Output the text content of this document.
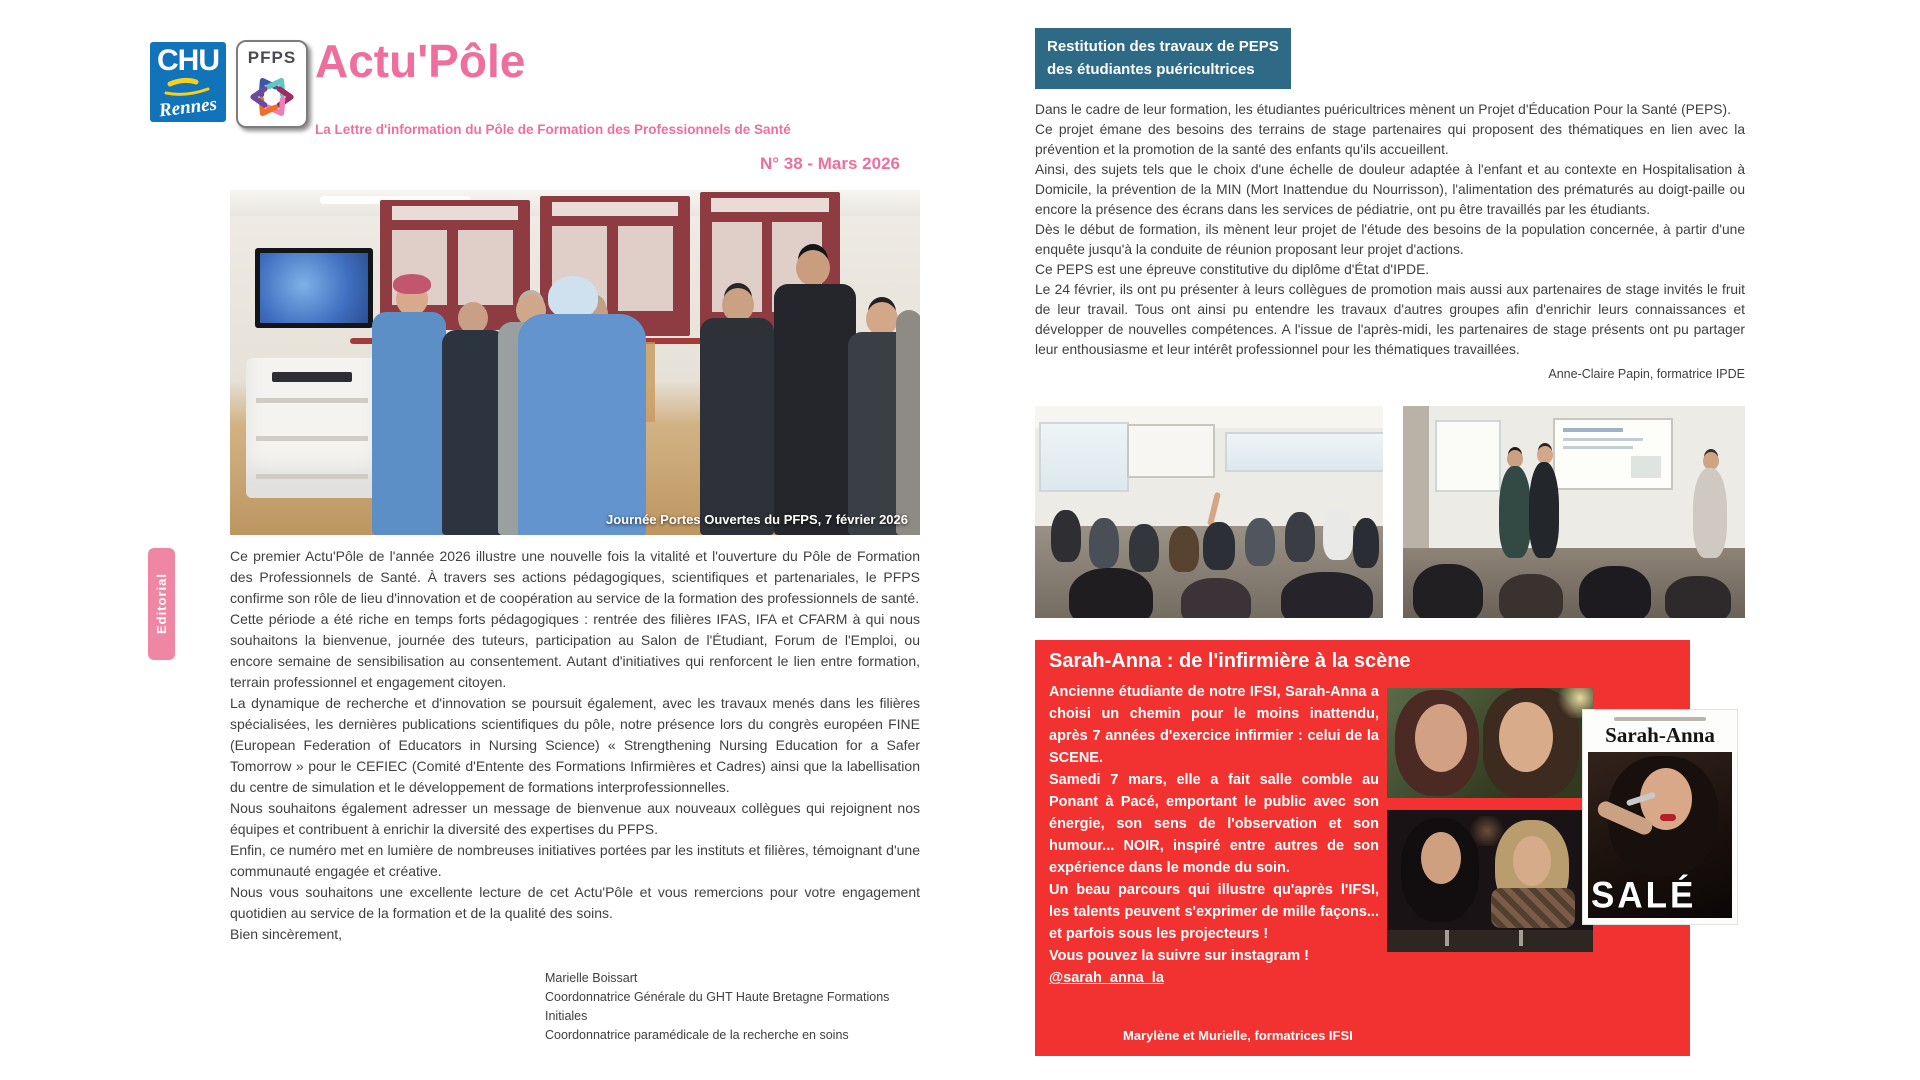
CHU
Rennes
PFPS Actu'Pôle
La Lettre d'information du Pôle de Formation des Professionnels de Santé
N° 38 - Mars 2026
Journée Portes Ouvertes du PFPS, 7 février 2026
Editorial

Ce premier Actu'Pôle de l'année 2026 illustre une nouvelle fois la vitalité et l'ouverture du Pôle de Formation des Professionnels de Santé. À travers ses actions pédagogiques, scientifiques et partenariales, le PFPS confirme son rôle de lieu d'innovation et de coopération au service de la formation des professionnels de santé.

Cette période a été riche en temps forts pédagogiques : rentrée des filières IFAS, IFA et CFARM à qui nous souhaitons la bienvenue, journée des tuteurs, participation au Salon de l'Étudiant, Forum de l'Emploi, ou encore semaine de sensibilisation au consentement. Autant d'initiatives qui renforcent le lien entre formation, terrain professionnel et engagement citoyen.

La dynamique de recherche et d'innovation se poursuit également, avec les travaux menés dans les filières spécialisées, les dernières publications scientifiques du pôle, notre présence lors du congrès européen FINE (European Federation of Educators in Nursing Science) « Strengthening Nursing Education for a Safer Tomorrow » pour le CEFIEC (Comité d'Entente des Formations Infirmières et Cadres) ainsi que la labellisation du centre de simulation et le développement de formations interprofessionnelles.

Nous souhaitons également adresser un message de bienvenue aux nouveaux collègues qui rejoignent nos équipes et contribuent à enrichir la diversité des expertises du PFPS.

Enfin, ce numéro met en lumière de nombreuses initiatives portées par les instituts et filières, témoignant d'une communauté engagée et créative.

Nous vous souhaitons une excellente lecture de cet Actu'Pôle et vous remercions pour votre engagement quotidien au service de la formation et de la qualité des soins.

Bien sincèrement,

Marielle Boissart
Coordonnatrice Générale du GHT Haute Bretagne Formations Initiales
Coordonnatrice paramédicale de la recherche en soins
Restitution des travaux de PEPS
des étudiantes puéricultrices

Dans le cadre de leur formation, les étudiantes puéricultrices mènent un Projet d'Éducation Pour la Santé (PEPS).

Ce projet émane des besoins des terrains de stage partenaires qui proposent des thématiques en lien avec la prévention et la promotion de la santé des enfants qu'ils accueillent.

Ainsi, des sujets tels que le choix d'une échelle de douleur adaptée à l'enfant et au contexte en Hospitalisation à Domicile, la prévention de la MIN (Mort Inattendue du Nourrisson), l'alimentation des prématurés au doigt-paille ou encore la présence des écrans dans les services de pédiatrie, ont pu être travaillés par les étudiants.

Dès le début de formation, ils mènent leur projet de l'étude des besoins de la population concernée, à partir d'une enquête jusqu'à la conduite de réunion proposant leur projet d'actions.

Ce PEPS est une épreuve constitutive du diplôme d'État d'IPDE.

Le 24 février, ils ont pu présenter à leurs collègues de promotion mais aussi aux partenaires de stage invités le fruit de leur travail. Tous ont ainsi pu entendre les travaux d'autres groupes afin d'enrichir leurs connaissances et développer de nouvelles compétences. A l'issue de l'après-midi, les partenaires de stage présents ont pu partager leur enthousiasme et leur intérêt professionnel pour les thématiques travaillées.

Anne-Claire Papin, formatrice IPDE
Sarah-Anna : de l'infirmière à la scène

Ancienne étudiante de notre IFSI, Sarah-Anna a choisi un chemin pour le moins inattendu, après 7 années d'exercice infirmier : celui de la SCENE.

Samedi 7 mars, elle a fait salle comble au Ponant à Pacé, emportant le public avec son énergie, son sens de l'observation et son humour... NOIR, inspiré entre autres de son expérience dans le monde du soin.

Un beau parcours qui illustre qu'après l'IFSI, les talents peuvent s'exprimer de mille façons... et parfois sous les projecteurs !

Vous pouvez la suivre sur instagram !

@sarah_anna_la
Sarah-Anna
SALÉ
Marylène et Murielle, formatrices IFSI
